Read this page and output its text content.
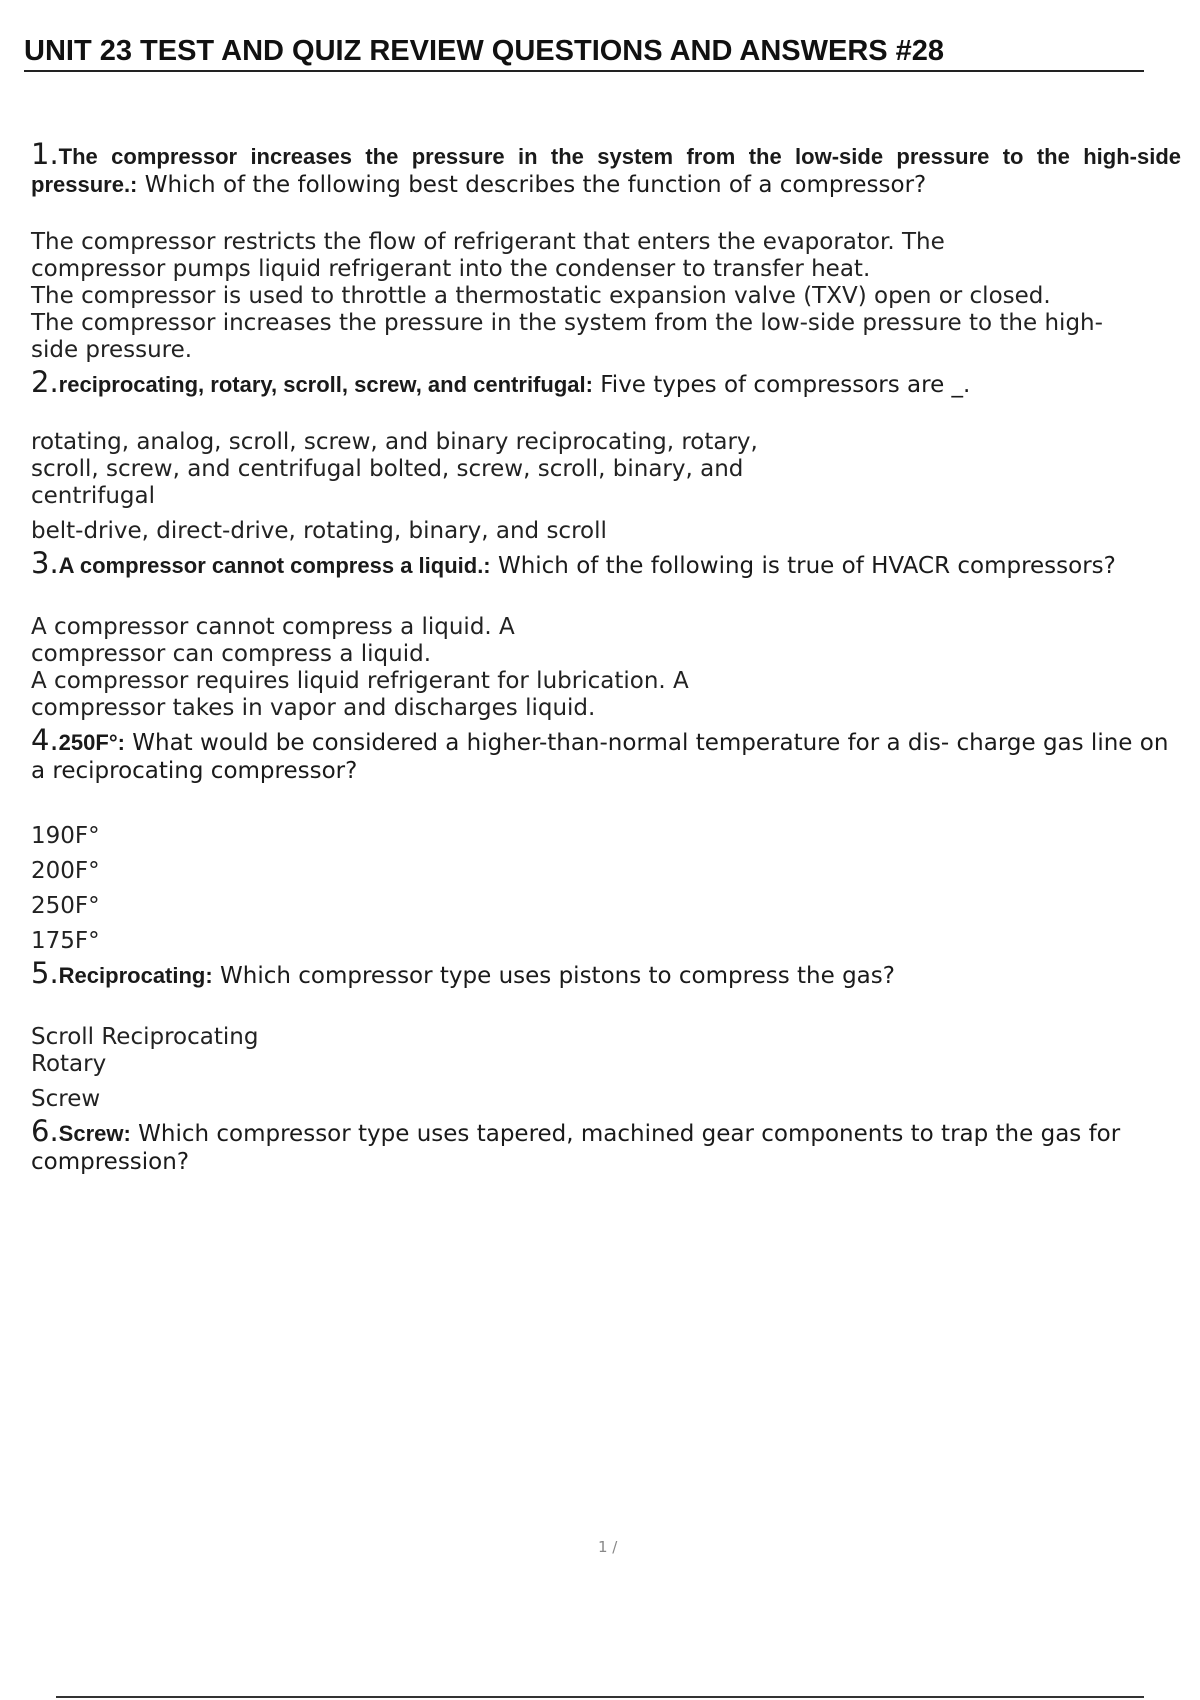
UNIT 23 TEST AND QUIZ REVIEW QUESTIONS AND ANSWERS #28

1.The compressor increases the pressure in the system from the low-side pressure to the high-side pressure.: Which of the following best describes the function of a compressor?

The compressor restricts the flow of refrigerant that enters the evaporator. The
compressor pumps liquid refrigerant into the condenser to transfer heat.
The compressor is used to throttle a thermostatic expansion valve (TXV) open or closed.
The compressor increases the pressure in the system from the low-side pressure to the high-
side pressure.

2.reciprocating, rotary, scroll, screw, and centrifugal: Five types of compressors are _.

rotating, analog, scroll, screw, and binary reciprocating, rotary,
scroll, screw, and centrifugal bolted, screw, scroll, binary, and
centrifugal
belt-drive, direct-drive, rotating, binary, and scroll

3.A compressor cannot compress a liquid.: Which of the following is true of HVACR compressors?

A compressor cannot compress a liquid. A
compressor can compress a liquid.
A compressor requires liquid refrigerant for lubrication. A
compressor takes in vapor and discharges liquid.

4.250F°: What would be considered a higher-than-normal temperature for a dis- charge gas line on a reciprocating compressor?

190F°
200F°
250F°
175F°

5.Reciprocating: Which compressor type uses pistons to compress the gas?

Scroll Reciprocating
Rotary
Screw

6.Screw: Which compressor type uses tapered, machined gear components to trap the gas for compression?

1 /
